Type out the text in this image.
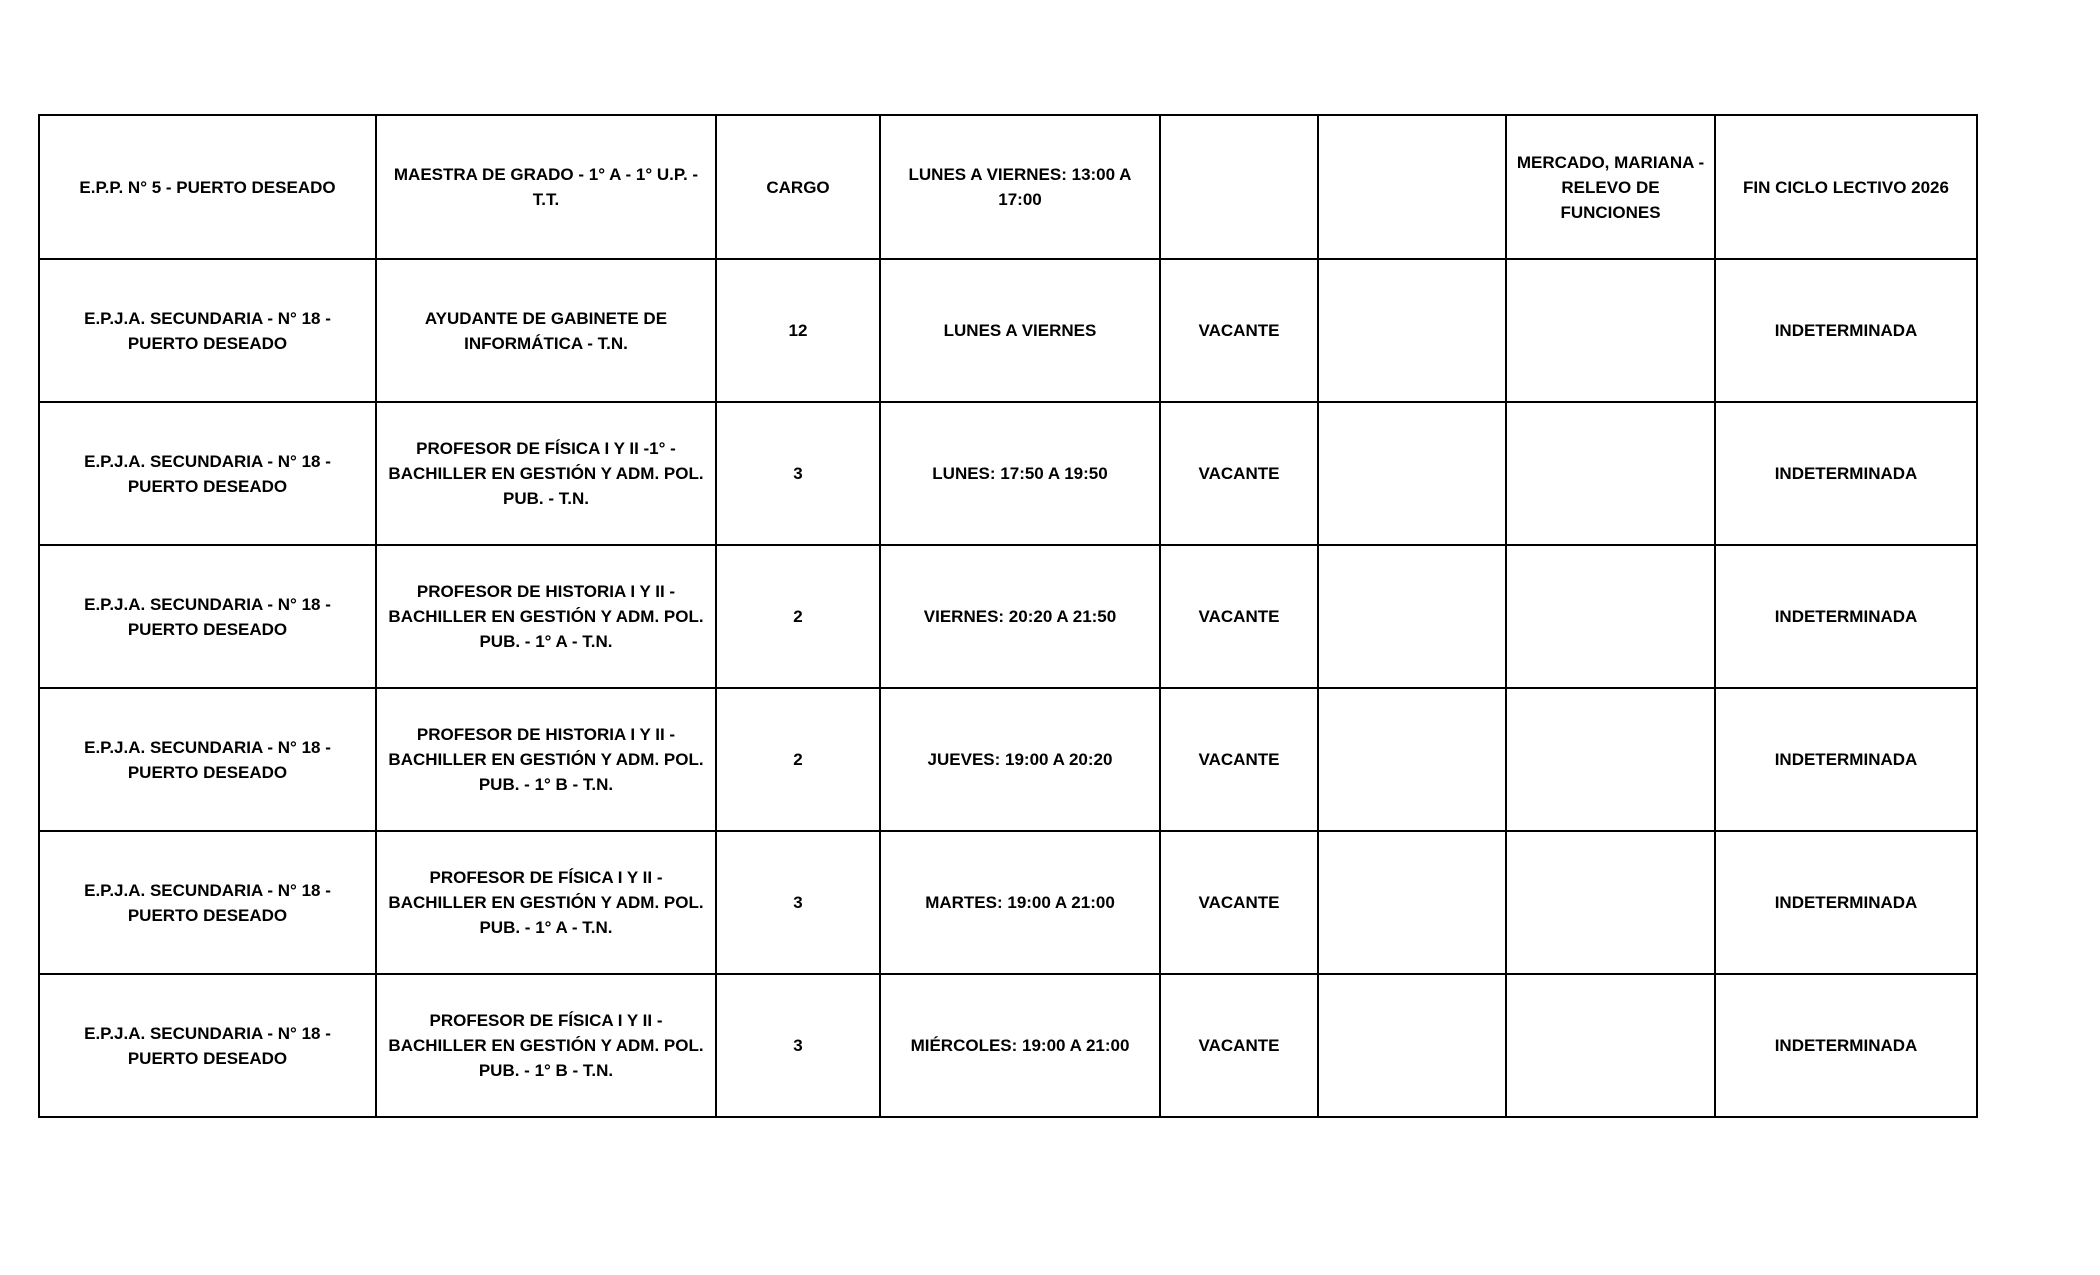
E.P.P. N° 5 - PUERTO DESEADO	MAESTRA DE GRADO - 1° A - 1° U.P. - T.T.	CARGO	LUNES A VIERNES: 13:00 A 17:00			MERCADO, MARIANA - RELEVO DE FUNCIONES	FIN CICLO LECTIVO 2026
E.P.J.A. SECUNDARIA - N° 18 - PUERTO DESEADO	AYUDANTE DE GABINETE DE INFORMÁTICA - T.N.	12	LUNES A VIERNES	VACANTE			INDETERMINADA
E.P.J.A. SECUNDARIA - N° 18 - PUERTO DESEADO	PROFESOR DE FÍSICA I Y II -1° -BACHILLER EN GESTIÓN Y ADM. POL. PUB. - T.N.	3	LUNES: 17:50 A 19:50	VACANTE			INDETERMINADA
E.P.J.A. SECUNDARIA - N° 18 - PUERTO DESEADO	PROFESOR DE HISTORIA I Y II - BACHILLER EN GESTIÓN Y ADM. POL. PUB. - 1° A - T.N.	2	VIERNES: 20:20 A 21:50	VACANTE			INDETERMINADA
E.P.J.A. SECUNDARIA - N° 18 - PUERTO DESEADO	PROFESOR DE HISTORIA I Y II - BACHILLER EN GESTIÓN Y ADM. POL. PUB. - 1° B - T.N.	2	JUEVES: 19:00 A 20:20	VACANTE			INDETERMINADA
E.P.J.A. SECUNDARIA - N° 18 - PUERTO DESEADO	PROFESOR DE FÍSICA I Y II - BACHILLER EN GESTIÓN Y ADM. POL. PUB. - 1° A - T.N.	3	MARTES: 19:00 A 21:00	VACANTE			INDETERMINADA
E.P.J.A. SECUNDARIA - N° 18 - PUERTO DESEADO	PROFESOR DE FÍSICA I Y II - BACHILLER EN GESTIÓN Y ADM. POL. PUB. - 1° B - T.N.	3	MIÉRCOLES: 19:00 A 21:00	VACANTE			INDETERMINADA
